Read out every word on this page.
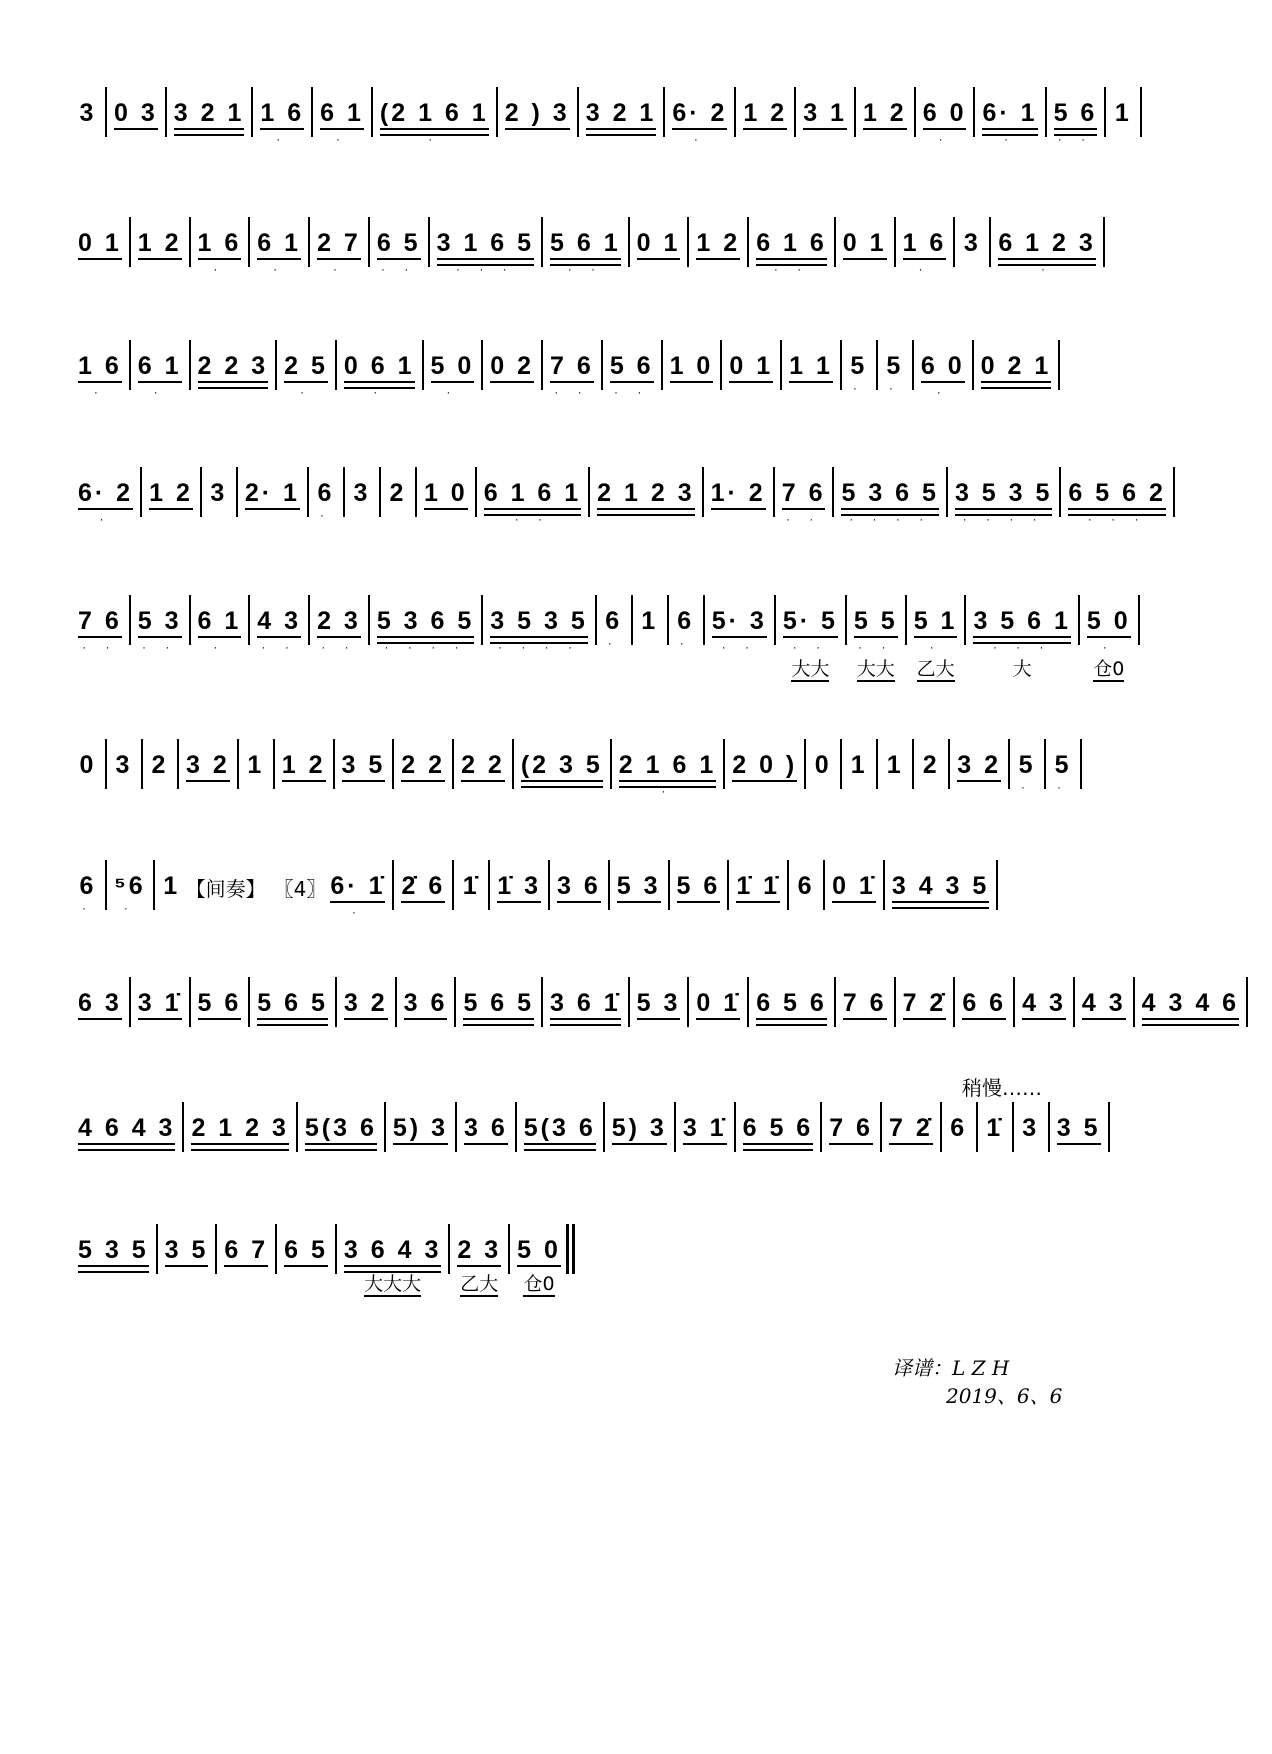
3 0 3 3 2 1 1 6
·
6 1
·
(2 1 6 1
·
2 ) 3 3 2 1 6· 2
·
1 2 3 1 1 2 6 0
·
6· 1
·
5 6
· ·
1
0 1 1 2 1 6
·
6 1
·
2 7
·
6 5
· ·
3 1 6 5
· · ·
5 6 1
· ·
0 1 1 2 6 1 6
· ·
0 1 1 6
·
3 6 1 2 3
·
1 6
·
6 1
·
2 2 3 2 5
·
0 6 1
·
5 0
·
0 2 7 6
· ·
5 6
· ·
1 0 0 1 1 1 5
·
5
·
6 0
·
0 2 1
6· 2
·
1 2 3 2· 1 6
·
3 2 1 0 6 1 6 1
· ·
2 1 2 3 1· 2 7 6
· ·
5 3 6 5
· · · ·
3 5 3 5
· · · ·
6 5 6 2
· · ·
7 6
· ·
5 3
· ·
6 1
·
4 3
· ·
2 3
· ·
5 3 6 5
· · · ·
3 5 3 5
· · · ·
6
·
1 6
·
5· 3
· ·
5· 5
· ·
大大
5 5
· ·
大大
5 1
·
乙大
3 5 6 1
· · ·
大
5 0
·
仓0
0 3 2 3 2 1 1 2 3 5 2 2 2 2 (2 3 5 2 1 6 1
·
2 0 ) 0 1 1 2 3 2 5
·
5
·
6
·
⁵6
·
1 【间奏】 〖4〗 6· 1̇
·
2̇ 6 1̇ 1̇ 3 3 6 5 3 5 6 1̇ 1̇ 6 0 1̇ 3 4 3 5
6 3 3 1̇ 5 6 5 6 5 3 2 3 6 5 6 5 3 6 1̇ 5 3 0 1̇ 6 5 6 7 6 7 2̇ 6 6 4 3 4 3 4 3 4 6
4 6 4 3 2 1 2 3 5(3 6 5) 3 3 6 5(3 6 5) 3 3 1̇ 6 5 6 7 6 7 2̇ 6 1̇ 3 3 5
5 3 5 3 5 6 7 6 5 3 6 4 3
大大大
2 3
乙大
5 0
仓0
稍慢……
译谱：L Z H
2019、6、6
